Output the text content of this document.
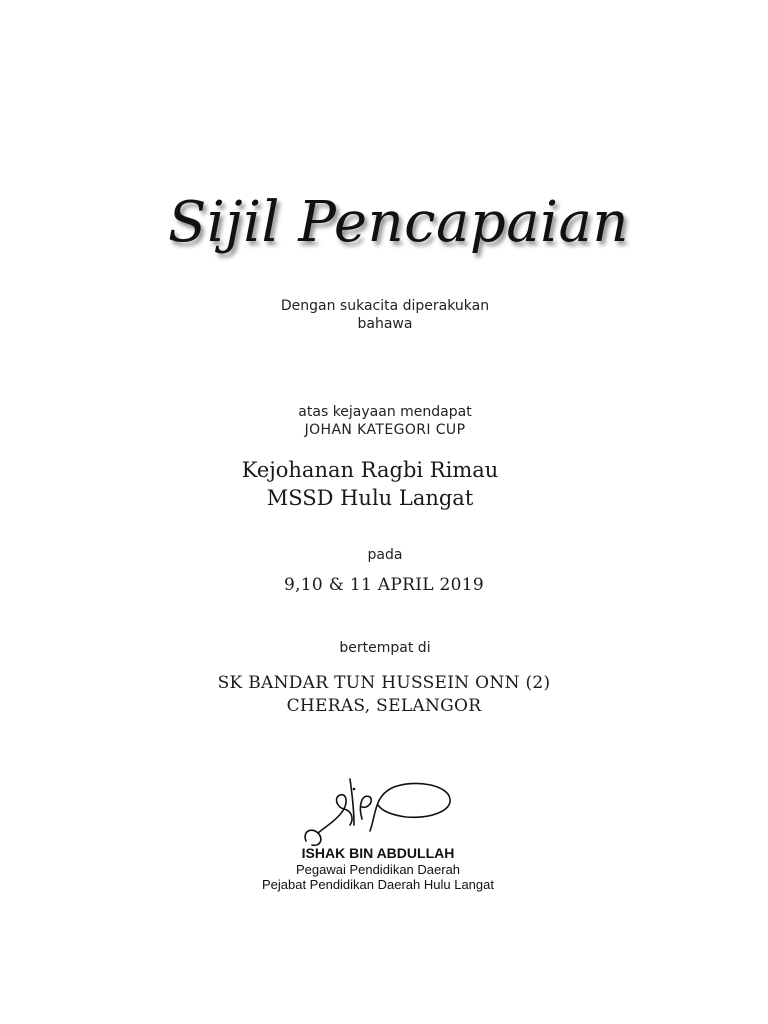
Sijil Pencapaian
Dengan sukacita diperakukan
bahawa
atas kejayaan mendapat
JOHAN KATEGORI CUP
Kejohanan Ragbi Rimau
MSSD Hulu Langat
pada
9,10 & 11 APRIL 2019
bertempat di
SK BANDAR TUN HUSSEIN ONN (2)
CHERAS, SELANGOR
ISHAK BIN ABDULLAH
Pegawai Pendidikan Daerah
Pejabat Pendidikan Daerah Hulu Langat
